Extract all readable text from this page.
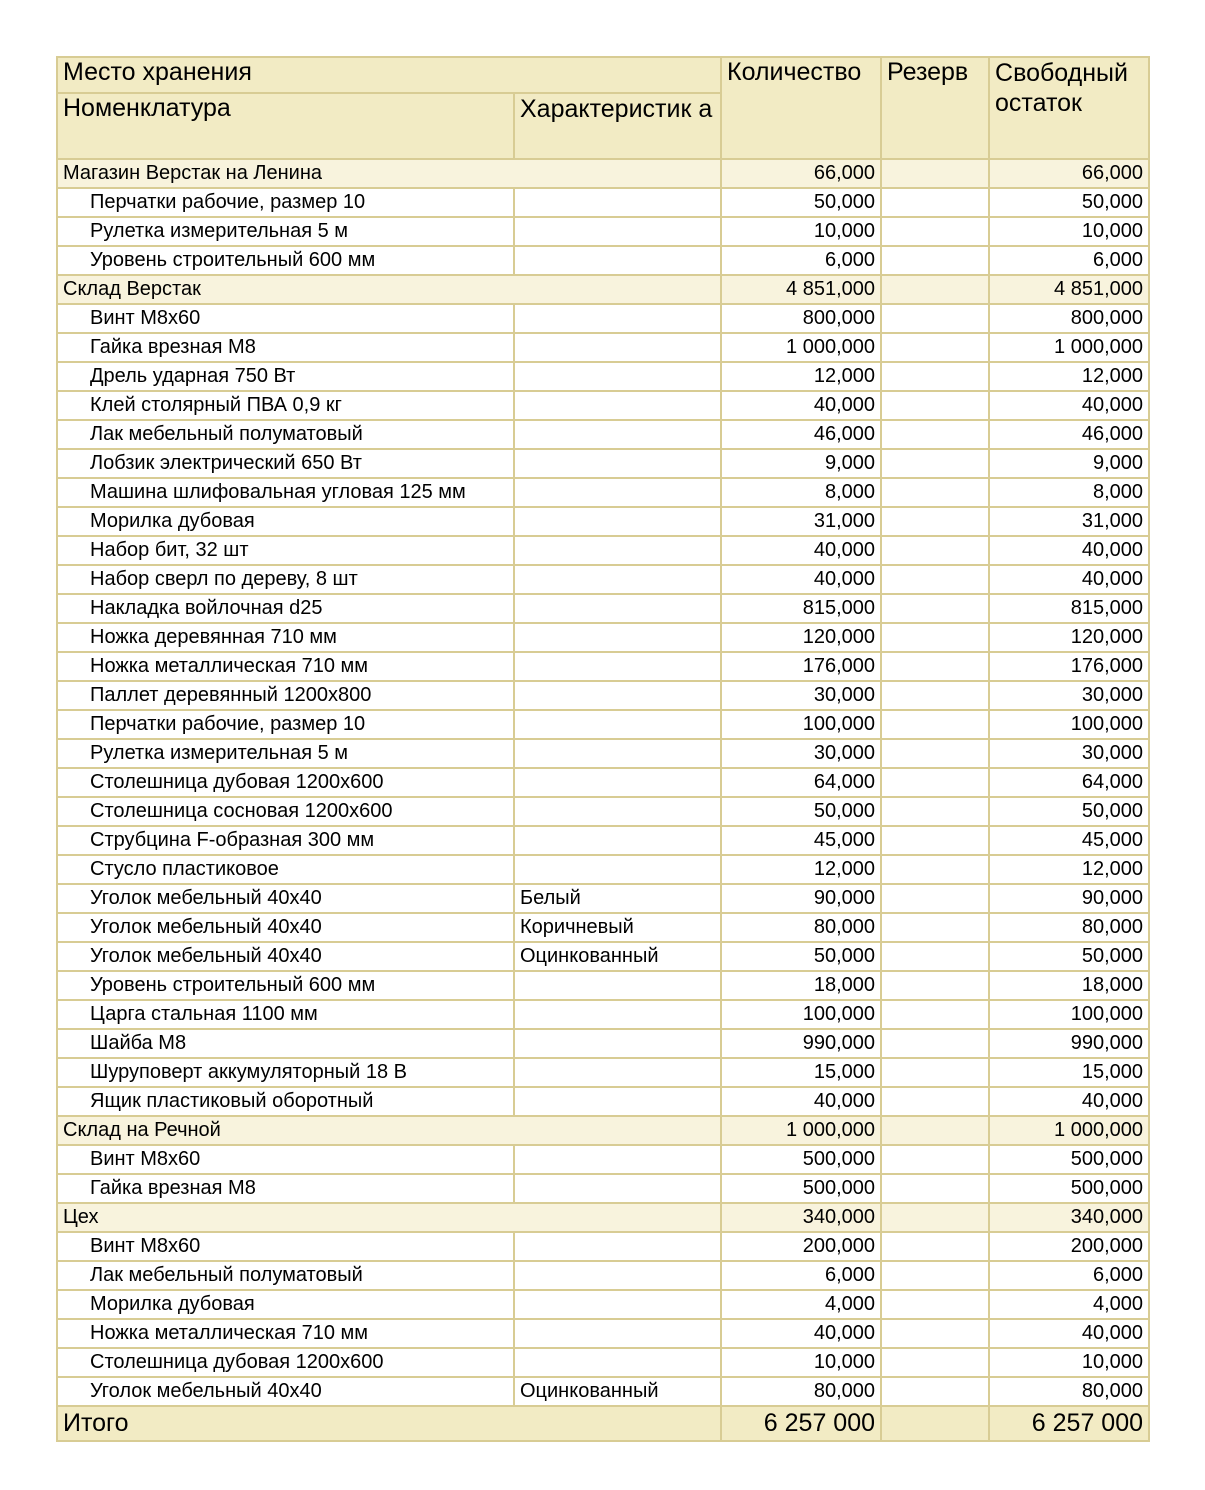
Место хранения		Количество	Резерв	Свободный остаток
Номенклатура	Характеристик а			
Магазин Верстак на Ленина		66,000		66,000
Перчатки рабочие, размер 10		50,000		50,000
Рулетка измерительная 5 м		10,000		10,000
Уровень строительный 600 мм		6,000		6,000
Склад Верстак		4 851,000		4 851,000
Винт М8х60		800,000		800,000
Гайка врезная М8		1 000,000		1 000,000
Дрель ударная 750 Вт		12,000		12,000
Клей столярный ПВА 0,9 кг		40,000		40,000
Лак мебельный полуматовый		46,000		46,000
Лобзик электрический 650 Вт		9,000		9,000
Машина шлифовальная угловая 125 мм		8,000		8,000
Морилка дубовая		31,000		31,000
Набор бит, 32 шт		40,000		40,000
Набор сверл по дереву, 8 шт		40,000		40,000
Накладка войлочная d25		815,000		815,000
Ножка деревянная 710 мм		120,000		120,000
Ножка металлическая 710 мм		176,000		176,000
Паллет деревянный 1200х800		30,000		30,000
Перчатки рабочие, размер 10		100,000		100,000
Рулетка измерительная 5 м		30,000		30,000
Столешница дубовая 1200х600		64,000		64,000
Столешница сосновая 1200х600		50,000		50,000
Струбцина F-образная 300 мм		45,000		45,000
Стусло пластиковое		12,000		12,000
Уголок мебельный 40х40	Белый	90,000		90,000
Уголок мебельный 40х40	Коричневый	80,000		80,000
Уголок мебельный 40х40	Оцинкованный	50,000		50,000
Уровень строительный 600 мм		18,000		18,000
Царга стальная 1100 мм		100,000		100,000
Шайба М8		990,000		990,000
Шуруповерт аккумуляторный 18 В		15,000		15,000
Ящик пластиковый оборотный		40,000		40,000
Склад на Речной		1 000,000		1 000,000
Винт М8х60		500,000		500,000
Гайка врезная М8		500,000		500,000
Цех		340,000		340,000
Винт М8х60		200,000		200,000
Лак мебельный полуматовый		6,000		6,000
Морилка дубовая		4,000		4,000
Ножка металлическая 710 мм		40,000		40,000
Столешница дубовая 1200х600		10,000		10,000
Уголок мебельный 40х40	Оцинкованный	80,000		80,000
Итого		6 257 000		6 257 000
